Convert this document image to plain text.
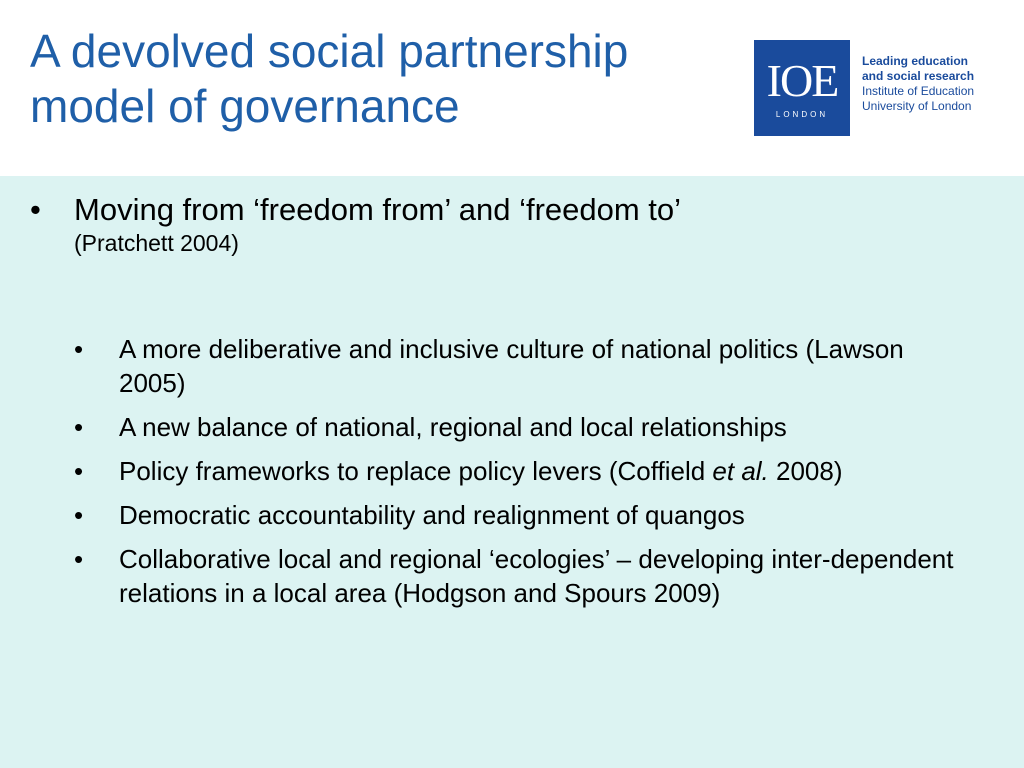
A devolved social partnership
model of governance	IOE
LONDON
Leading education
and social research
Institute of Education
University of London
• Moving from ‘freedom from’ and ‘freedom to’
(Pratchett 2004)
• A more deliberative and inclusive culture of national politics (Lawson 2005)
• A new balance of national, regional and local relationships
• Policy frameworks to replace policy levers (Coffield et al. 2008)
• Democratic accountability and realignment of quangos
• Collaborative local and regional ‘ecologies’ – developing inter-dependent relations in a local area (Hodgson and Spours 2009)
